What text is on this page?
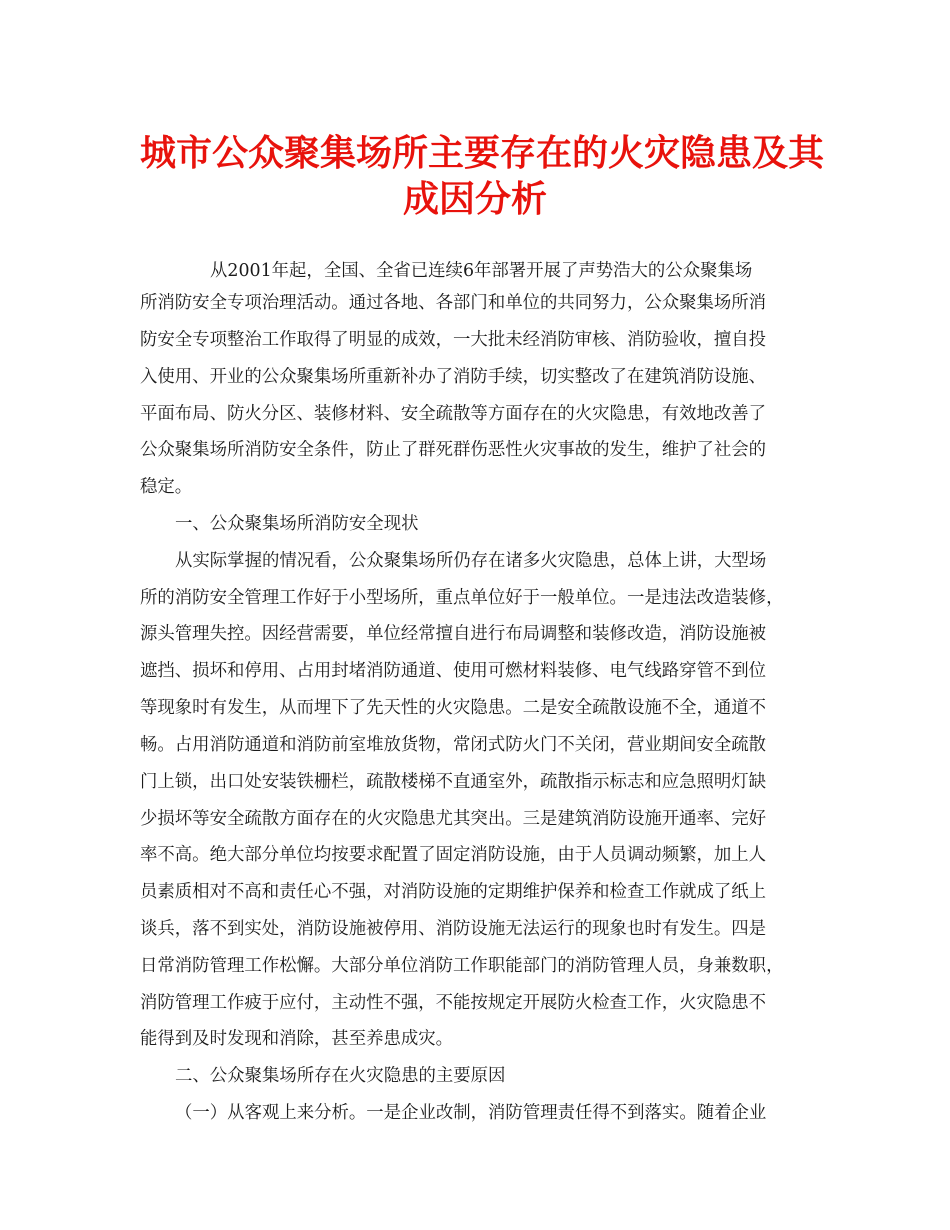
城市公众聚集场所主要存在的火灾隐患及其
成因分析

从2001年起，全国、全省已连续6年部署开展了声势浩大的公众聚集场

所消防安全专项治理活动。通过各地、各部门和单位的共同努力，公众聚集场所消

防安全专项整治工作取得了明显的成效，一大批未经消防审核、消防验收，擅自投

入使用、开业的公众聚集场所重新补办了消防手续，切实整改了在建筑消防设施、

平面布局、防火分区、装修材料、安全疏散等方面存在的火灾隐患，有效地改善了

公众聚集场所消防安全条件，防止了群死群伤恶性火灾事故的发生，维护了社会的

稳定。

一、公众聚集场所消防安全现状

从实际掌握的情况看，公众聚集场所仍存在诸多火灾隐患，总体上讲，大型场

所的消防安全管理工作好于小型场所，重点单位好于一般单位。一是违法改造装修，

源头管理失控。因经营需要，单位经常擅自进行布局调整和装修改造，消防设施被

遮挡、损坏和停用、占用封堵消防通道、使用可燃材料装修、电气线路穿管不到位

等现象时有发生，从而埋下了先天性的火灾隐患。二是安全疏散设施不全，通道不

畅。占用消防通道和消防前室堆放货物，常闭式防火门不关闭，营业期间安全疏散

门上锁，出口处安装铁栅栏，疏散楼梯不直通室外，疏散指示标志和应急照明灯缺

少损坏等安全疏散方面存在的火灾隐患尤其突出。三是建筑消防设施开通率、完好

率不高。绝大部分单位均按要求配置了固定消防设施，由于人员调动频繁，加上人

员素质相对不高和责任心不强，对消防设施的定期维护保养和检查工作就成了纸上

谈兵，落不到实处，消防设施被停用、消防设施无法运行的现象也时有发生。四是

日常消防管理工作松懈。大部分单位消防工作职能部门的消防管理人员，身兼数职，

消防管理工作疲于应付，主动性不强，不能按规定开展防火检查工作，火灾隐患不

能得到及时发现和消除，甚至养患成灾。

二、公众聚集场所存在火灾隐患的主要原因

（一）从客观上来分析。一是企业改制，消防管理责任得不到落实。随着企业
